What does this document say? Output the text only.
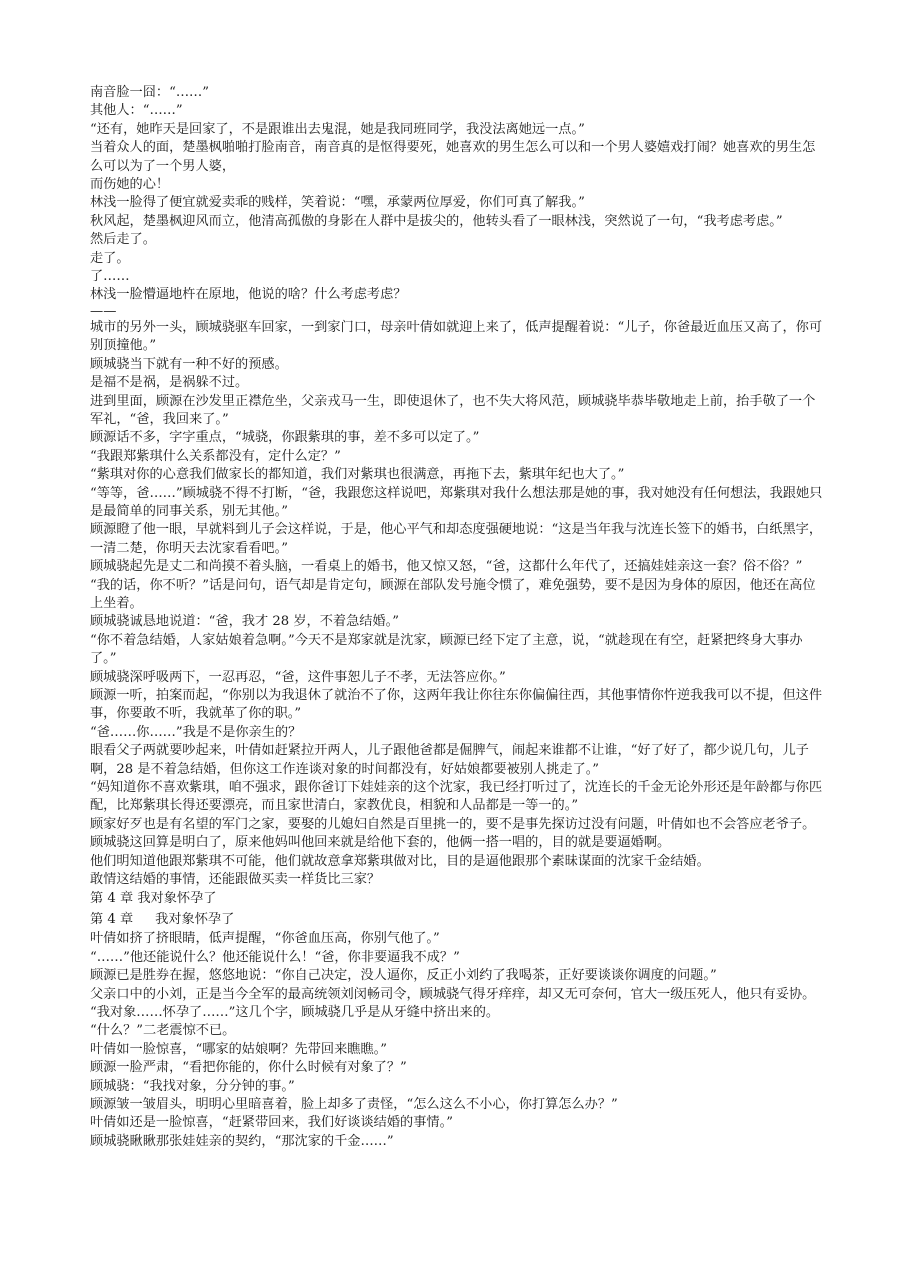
南音脸一囧：“……”

其他人：“……”

“还有，她昨天是回家了，不是跟谁出去鬼混，她是我同班同学，我没法离她远一点。”

当着众人的面，楚墨枫啪啪打脸南音，南音真的是怄得要死，她喜欢的男生怎么可以和一个男人婆嬉戏打闹？她喜欢的男生怎么可以为了一个男人婆，

而伤她的心！

林浅一脸得了便宜就爱卖乖的贱样，笑着说：“嘿，承蒙两位厚爱，你们可真了解我。”

秋风起，楚墨枫迎风而立，他清高孤傲的身影在人群中是拔尖的，他转头看了一眼林浅，突然说了一句，“我考虑考虑。”

然后走了。

走了。

了……

林浅一脸懵逼地杵在原地，他说的啥？什么考虑考虑？

——

城市的另外一头，顾城骁驱车回家，一到家门口，母亲叶倩如就迎上来了，低声提醒着说：“儿子，你爸最近血压又高了，你可别顶撞他。”

顾城骁当下就有一种不好的预感。

是福不是祸，是祸躲不过。

进到里面，顾源在沙发里正襟危坐，父亲戎马一生，即使退休了，也不失大将风范，顾城骁毕恭毕敬地走上前，抬手敬了一个军礼，“爸，我回来了。”

顾源话不多，字字重点，“城骁，你跟紫琪的事，差不多可以定了。”

“我跟郑紫琪什么关系都没有，定什么定？”

“紫琪对你的心意我们做家长的都知道，我们对紫琪也很满意，再拖下去，紫琪年纪也大了。”

“等等，爸……”顾城骁不得不打断，“爸，我跟您这样说吧，郑紫琪对我什么想法那是她的事，我对她没有任何想法，我跟她只是最简单的同事关系，别无其他。”

顾源瞪了他一眼，早就料到儿子会这样说，于是，他心平气和却态度强硬地说：“这是当年我与沈连长签下的婚书，白纸黑字，一清二楚，你明天去沈家看看吧。”

顾城骁起先是丈二和尚摸不着头脑，一看桌上的婚书，他又惊又怒，“爸，这都什么年代了，还搞娃娃亲这一套？俗不俗？”

“我的话，你不听？”话是问句，语气却是肯定句，顾源在部队发号施令惯了，难免强势，要不是因为身体的原因，他还在高位上坐着。

顾城骁诚恳地说道：“爸，我才 28 岁，不着急结婚。”

“你不着急结婚，人家姑娘着急啊。”今天不是郑家就是沈家，顾源已经下定了主意，说，“就趁现在有空，赶紧把终身大事办了。”

顾城骁深呼吸两下，一忍再忍，“爸，这件事恕儿子不孝，无法答应你。”

顾源一听，拍案而起，“你别以为我退休了就治不了你，这两年我让你往东你偏偏往西，其他事情你忤逆我我可以不提，但这件事，你要敢不听，我就革了你的职。”

“爸……你……”我是不是你亲生的？

眼看父子两就要吵起来，叶倩如赶紧拉开两人，儿子跟他爸都是倔脾气，闹起来谁都不让谁，“好了好了，都少说几句，儿子啊，28 是不着急结婚，但你这工作连谈对象的时间都没有，好姑娘都要被别人挑走了。”

“妈知道你不喜欢紫琪，咱不强求，跟你爸订下娃娃亲的这个沈家，我已经打听过了，沈连长的千金无论外形还是年龄都与你匹配，比郑紫琪长得还要漂亮，而且家世清白，家教优良，相貌和人品都是一等一的。”

顾家好歹也是有名望的军门之家，要娶的儿媳妇自然是百里挑一的，要不是事先探访过没有问题，叶倩如也不会答应老爷子。

顾城骁这回算是明白了，原来他妈叫他回来就是给他下套的，他俩一搭一唱的，目的就是要逼婚啊。

他们明知道他跟郑紫琪不可能，他们就故意拿郑紫琪做对比，目的是逼他跟那个素昧谋面的沈家千金结婚。

敢情这结婚的事情，还能跟做买卖一样货比三家？

第 4 章 我对象怀孕了

第 4 章 我对象怀孕了

叶倩如挤了挤眼睛，低声提醒，“你爸血压高，你别气他了。”

“……”他还能说什么？他还能说什么！“爸，你非要逼我不成？”

顾源已是胜券在握，悠悠地说：“你自己决定，没人逼你，反正小刘约了我喝茶，正好要谈谈你调度的问题。”

父亲口中的小刘，正是当今全军的最高统领刘闵畅司令，顾城骁气得牙痒痒，却又无可奈何，官大一级压死人，他只有妥协。

“我对象……怀孕了……”这几个字，顾城骁几乎是从牙缝中挤出来的。

“什么？”二老震惊不已。

叶倩如一脸惊喜，“哪家的姑娘啊？先带回来瞧瞧。”

顾源一脸严肃，“看把你能的，你什么时候有对象了？”

顾城骁：“我找对象，分分钟的事。”

顾源皱一皱眉头，明明心里暗喜着，脸上却多了责怪，“怎么这么不小心，你打算怎么办？”

叶倩如还是一脸惊喜，“赶紧带回来，我们好谈谈结婚的事情。”

顾城骁瞅瞅那张娃娃亲的契约，“那沈家的千金……”
